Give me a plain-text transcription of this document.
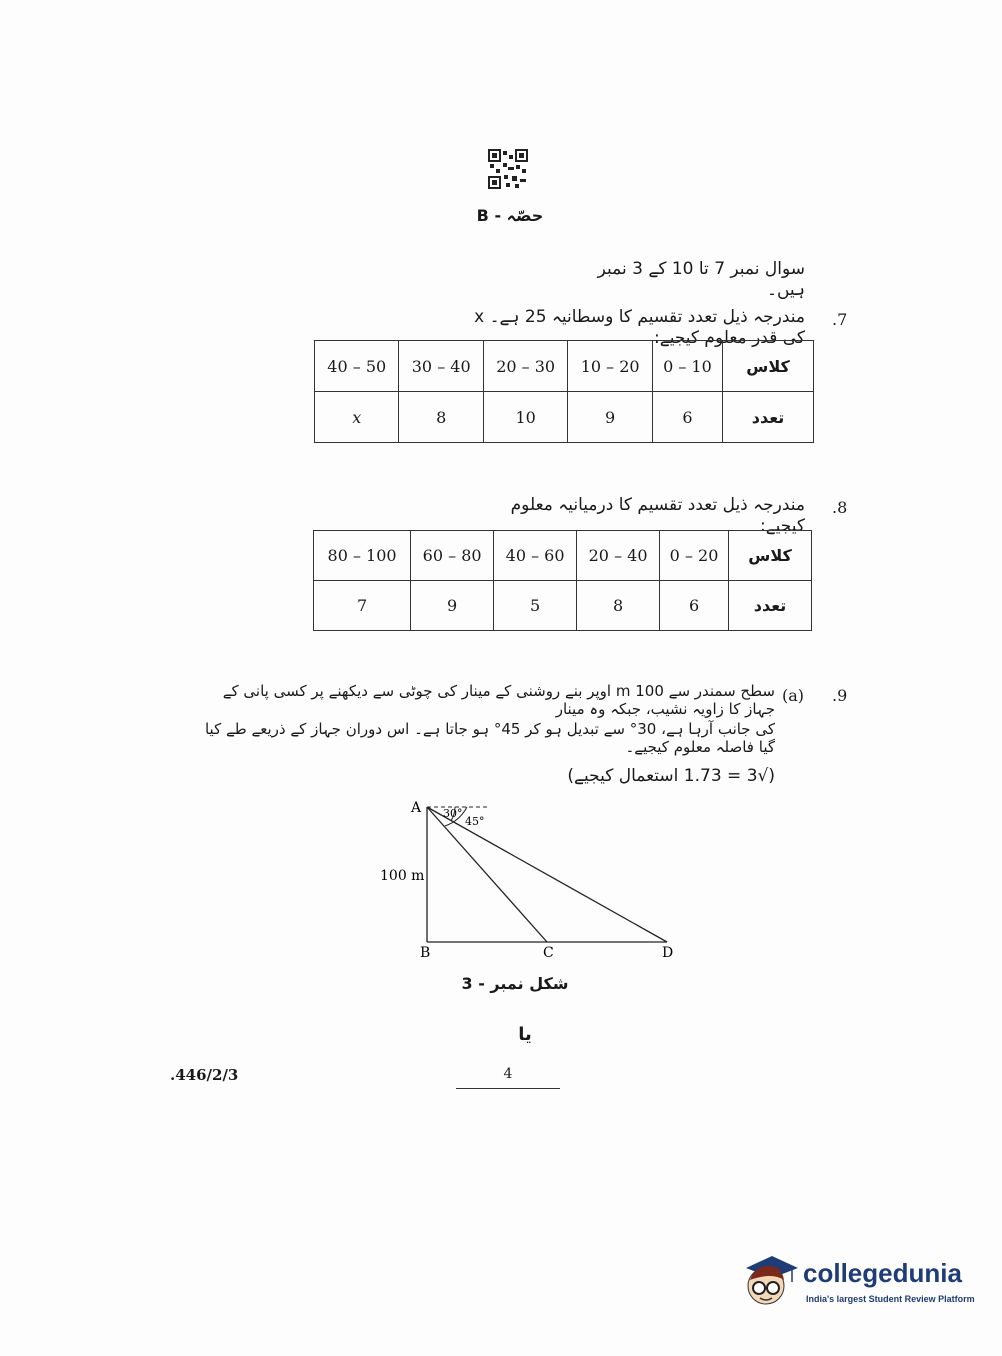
حصّہ - B
سوال نمبر 7 تا 10 کے 3 نمبر ہیں۔
.7
مندرجہ ذیل تعدد تقسیم کا وسطانیہ 25 ہے۔ x کی قدر معلوم کیجیے:
40 – 50	30 – 40	20 – 30	10 – 20	0 – 10	کلاس
x	8	10	9	6	تعدد
.8
مندرجہ ذیل تعدد تقسیم کا درمیانیہ معلوم کیجیے:
80 – 100	60 – 80	40 – 60	20 – 40	0 – 20	کلاس
7	9	5	8	6	تعدد
.9
(a)
سطح سمندر سے 100 m اوپر بنے روشنی کے مینار کی چوٹی سے دیکھنے پر کسی پانی کے جہاز کا زاویہ نشیب، جبکہ وہ مینار
کی جانب آرہا ہے، 30° سے تبدیل ہو کر 45° ہو جاتا ہے۔ اس دوران جہاز کے ذریعے طے کیا گیا فاصلہ معلوم کیجیے۔
(√3 = 1.73 استعمال کیجیے)
A
B	C	D
100 m
30°
45°
شکل نمبر - 3
یا
.446/2/3	4
collegedunia
India's largest Student Review Platform
